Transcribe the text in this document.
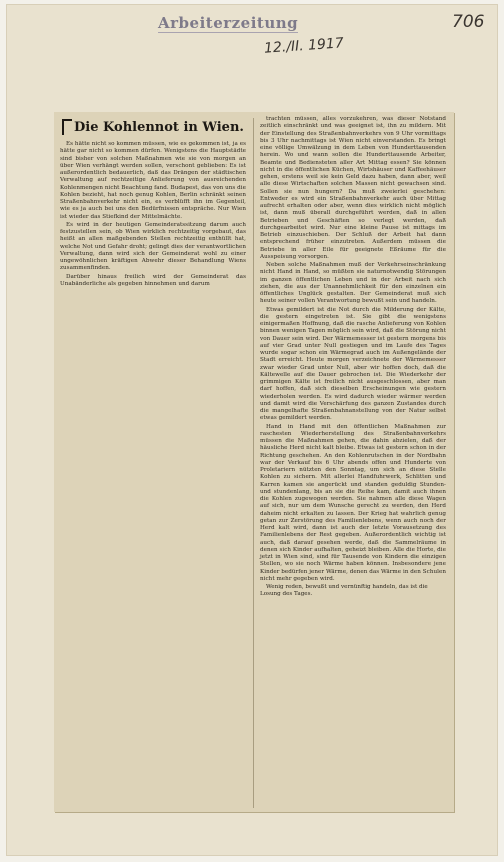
Arbeiterzeitung
12./II. 1917
706
Die Kohlennot in Wien.

Es hätte nicht so kommen müssen, wie es gekommen ist, ja es hätte gar nicht so kommen dürfen. Wenigstens die Hauptstädte sind bisher von solchen Maßnahmen wie sie von morgen an über Wien verhängt werden sollen, verschont geblieben: Es ist außerordentlich bedauerlich, daß das Drängen der städtischen Verwaltung auf rechtzeitige Anlieferung von ausreichenden Kohlenmengen nicht Beachtung fand. Budapest, das von uns die Kohlen bezieht, hat noch genug Kohlen, Berlin schränkt seinen Straßenbahnverkehr nicht ein, es verblüfft ihn im Gegenteil, wie es ja auch bei uns den Bedürfnissen entspräche. Nur Wien ist wieder das Stiefkind der Mittelmächte.

Es wird in der heutigen Gemeinderatssitzung darum auch festzustellen sein, ob Wien wirklich rechtzeitig vorgebaut, das heißt an allen maßgebenden Stellen rechtzeitig enthüllt hat, welche Not und Gefahr droht; gelingt dies der verantwortlichen Verwaltung, dann wird sich der Gemeinderat wohl zu einer ungewöhnlichen kräftigen Abwehr dieser Behandlung Wiens zusammenfinden.

Darüber hinaus freilich wird der Gemeinderat das Unabänderliche als gegeben hinnehmen und darum

trachten müssen, alles vorzukehren, was dieser Notstand zeitlich einschränkt und was geeignet ist, ihn zu mildern. Mit der Einstellung des Straßenbahnverkehrs von 9 Uhr vormittags bis 3 Uhr nachmittags ist Wien nicht einverstanden. Es bringt eine völlige Umwälzung in dem Leben von Hunderttausenden herein. Wo und wann sollen die Hunderttausende Arbeiter, Beamte und Bediensteten aller Art Mittag essen? Sie können nicht in die öffentlichen Küchen, Wirtshäuser und Kaffeehäuser gehen, erstens weil sie kein Geld dazu haben, dann aber, weil alle diese Wirtschaften solchen Massen nicht gewachsen sind. Sollen sie nun hungern? Da muß zweierlei geschehen: Entweder es wird ein Straßenbahnverkehr auch über Mittag aufrecht erhalten oder aber, wenn dies wirklich nicht möglich ist, dann muß überall durchgeführt werden, daß in allen Betrieben und Geschäften so verlegt werden, daß durchgearbeitet wird. Nur eine kleine Pause ist mittags im Betrieb einzuschieben. Der Schluß der Arbeit hat dann entsprechend früher einzutreten. Außerdem müssen die Betriebe in aller Eile für geeignete Eßräume für die Ausspeisung vorsorgen.

Neben solche Maßnahmen muß der Verkehrseinschränkung nicht Hand in Hand, so müßten sie naturnotwendig Störungen im ganzen öffentlichen Leben und in der Arbeit nach sich ziehen, die aus der Unannehmlichkeit für den einzelnen ein öffentliches Unglück gestalten. Der Gemeinderat muß sich heute seiner vollen Verantwortung bewußt sein und handeln.

Etwas gemildert ist die Not durch die Milderung der Kälte, die gestern eingetreten ist. Sie gibt die wenigstens einigermaßen Hoffnung, daß die rasche Anlieferung von Kohlen binnen wenigen Tagen möglich sein wird, daß die Störung nicht von Dauer sein wird. Der Wärmemesser ist gestern morgens bis auf vier Grad unter Null gestiegen und im Laufe des Tages wurde sogar schon ein Wärmegrad auch im Außengelände der Stadt erreicht. Heute morgen verzeichnete der Wärmemesser zwar wieder Grad unter Null, aber wir hoffen doch, daß die Kältewelle auf die Dauer gebrochen ist. Die Wiederkehr der grimmigen Kälte ist freilich nicht ausgeschlossen, aber man darf hoffen, daß sich dieselben Erscheinungen wie gestern wiederholen werden. Es wird dadurch wieder wärmer werden und damit wird die Verschärfung des ganzen Zustandes durch die mangelhafte Straßenbahnanstellung von der Natur selbst etwas gemildert werden.

Hand in Hand mit den öffentlichen Maßnahmen zur raschesten Wiederherstellung des Straßenbahnverkehrs müssen die Maßnahmen gehen, die dahin abzielen, daß der häusliche Herd nicht kalt bleibe. Etwas ist gestern schon in der Richtung geschehen. An den Kohlenrutschen in der Nordbahn war der Verkauf bis 6 Uhr abends offen und Hunderte von Proletariern nützten den Sonntag, um sich an diese Stelle Kohlen zu sichern. Mit allerlei Handfuhrwerk, Schlitten und Karren kamen sie angerückt und standen geduldig Stunden- und stundenlang, bis an sie die Reihe kam, damit auch ihnen die Kohlen zugewogen werden. Sie nahmen alle diese Wagen auf sich, nur um dem Wunsche gerecht zu werden, den Herd daheim nicht erkalten zu lassen. Der Krieg hat wahrlich genug getan zur Zerstörung des Familienlebens, wenn auch noch der Herd kalt wird, dann ist auch der letzte Vorausetzung des Familienlebens der Rest gegeben. Außerordentlich wichtig ist auch, daß darauf gesehen werde, daß die Sammelräume in denen sich Kinder aufhalten, geheizt bleiben. Alle die Horte, die jetzt in Wien sind, sind für Tausende von Kindern die einzigen Stellen, wo sie noch Wärme haben können. Insbesondere jene Kinder bedürfen jener Wärme, denen das Wärme in den Schulen nicht mehr gegeben wird.

Wenig reden, bewußt und vernünftig handeln, das ist die Losung des Tages.
